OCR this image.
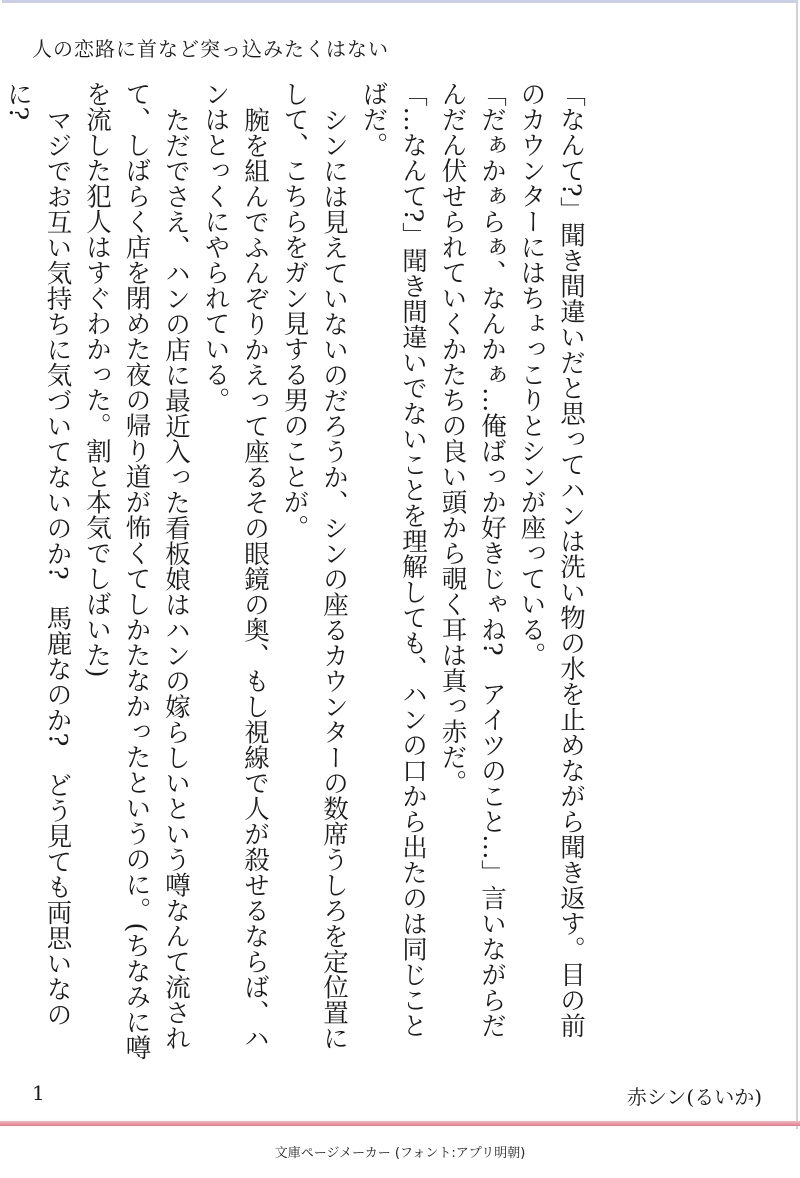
人の恋路に首など突っ込みたくはない

「なんて?」聞き間違いだと思ってハンは洗い物の水を止めながら聞き返す。目の前のカウンターにはちょっこりとシンが座っている。

「だぁかぁらぁ、なんかぁ…俺ばっか好きじゃね?　アイツのこと…」言いながらだんだん伏せられていくかたちの良い頭から覗く耳は真っ赤だ。

「…なんて?」聞き間違いでないことを理解しても、ハンの口から出たのは同じことばだ。

シンには見えていないのだろうか、シンの座るカウンターの数席うしろを定位置にして、こちらをガン見する男のことが。

腕を組んでふんぞりかえって座るその眼鏡の奥、もし視線で人が殺せるならば、ハンはとっくにやられている。

ただでさえ、ハンの店に最近入った看板娘はハンの嫁らしいという噂なんて流されて、しばらく店を閉めた夜の帰り道が怖くてしかたなかったというのに。(ちなみに噂を流した犯人はすぐわかった。割と本気でしばいた)

マジでお互い気持ちに気づいてないのか?　馬鹿なのか?　どう見ても両思いなのに?

1	赤シン(るいか)
文庫ページメーカー (フォント:アプリ明朝)
